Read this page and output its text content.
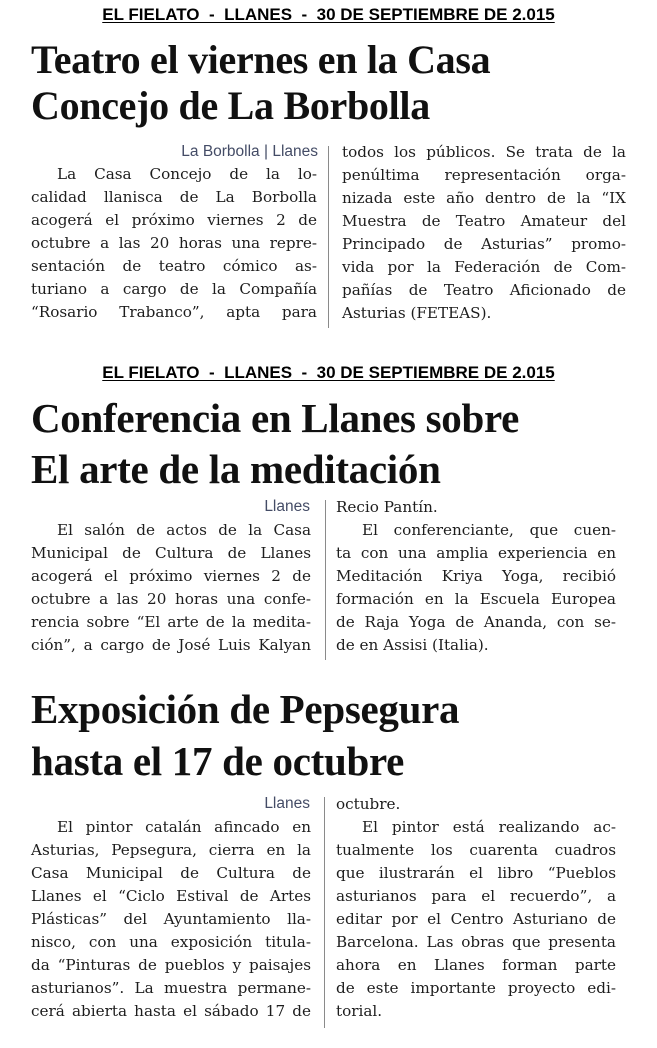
EL FIELATO  -  LLANES  -  30 DE SEPTIEMBRE DE 2.015
Teatro el viernes en la Casa
Concejo de La Borbolla
La Borbolla | Llanes
La Casa Concejo de la lo-
calidad llanisca de La Borbolla
acogerá el próximo viernes 2 de
octubre a las 20 horas una repre-
sentación de teatro cómico as-
turiano a cargo de la Compañía
“Rosario Trabanco”, apta para
todos los públicos. Se trata de la
penúltima representación orga-
nizada este año dentro de la “IX
Muestra de Teatro Amateur del
Principado de Asturias” promo-
vida por la Federación de Com-
pañías de Teatro Aficionado de
Asturias (FETEAS).
EL FIELATO  -  LLANES  -  30 DE SEPTIEMBRE DE 2.015
Conferencia en Llanes sobre
El arte de la meditación
Llanes
El salón de actos de la Casa
Municipal de Cultura de Llanes
acogerá el próximo viernes 2 de
octubre a las 20 horas una confe-
rencia sobre “El arte de la medita-
ción”, a cargo de José Luis Kalyan
Recio Pantín.
El conferenciante, que cuen-
ta con una amplia experiencia en
Meditación Kriya Yoga, recibió
formación en la Escuela Europea
de Raja Yoga de Ananda, con se-
de en Assisi (Italia).
Exposición de Pepsegura
hasta el 17 de octubre
Llanes
El pintor catalán afincado en
Asturias, Pepsegura, cierra en la
Casa Municipal de Cultura de
Llanes el “Ciclo Estival de Artes
Plásticas” del Ayuntamiento lla-
nisco, con una exposición titula-
da “Pinturas de pueblos y paisajes
asturianos”. La muestra permane-
cerá abierta hasta el sábado 17 de
octubre.
El pintor está realizando ac-
tualmente los cuarenta cuadros
que ilustrarán el libro “Pueblos
asturianos para el recuerdo”, a
editar por el Centro Asturiano de
Barcelona. Las obras que presenta
ahora en Llanes forman parte
de este importante proyecto edi-
torial.
